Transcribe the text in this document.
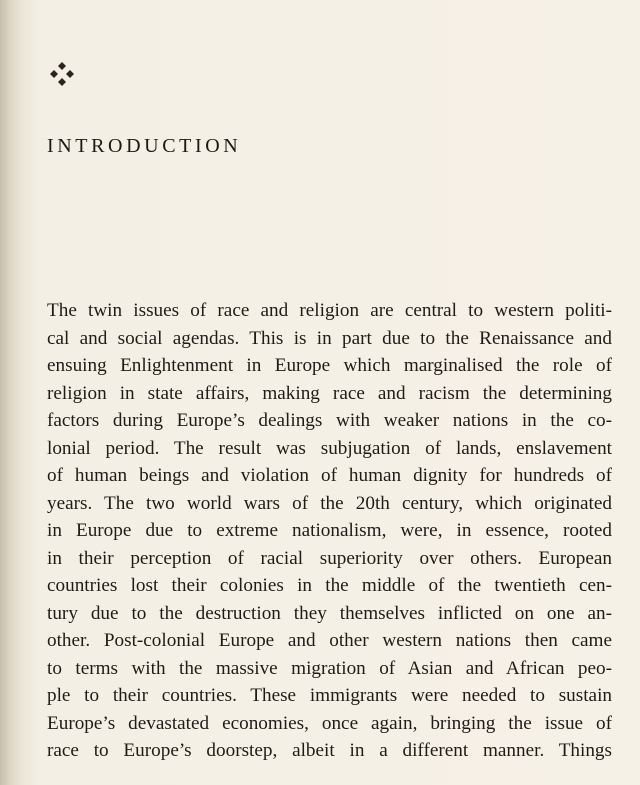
INTRODUCTION
The twin issues of race and religion are central to western politi-
cal and social agendas. This is in part due to the Renaissance and
ensuing Enlightenment in Europe which marginalised the role of
religion in state affairs, making race and racism the determining
factors during Europe’s dealings with weaker nations in the co-
lonial period. The result was subjugation of lands, enslavement
of human beings and violation of human dignity for hundreds of
years. The two world wars of the 20th century, which originated
in Europe due to extreme nationalism, were, in essence, rooted
in their perception of racial superiority over others. European
countries lost their colonies in the middle of the twentieth cen-
tury due to the destruction they themselves inflicted on one an-
other. Post-colonial Europe and other western nations then came
to terms with the massive migration of Asian and African peo-
ple to their countries. These immigrants were needed to sustain
Europe’s devastated economies, once again, bringing the issue of
race to Europe’s doorstep, albeit in a different manner. Things
